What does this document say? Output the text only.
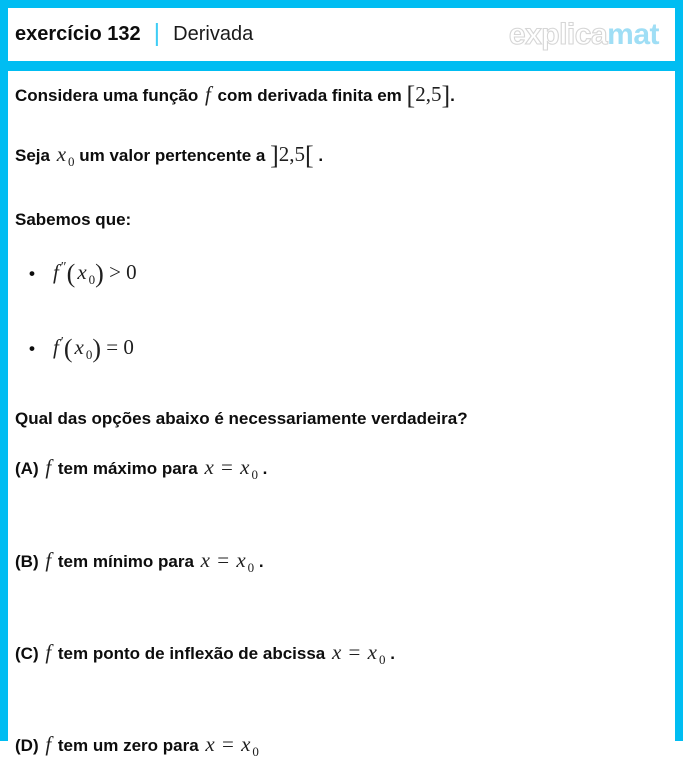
exercício 132 | Derivada	explicamat
Considera uma função f com derivada finita em [2,5].
Seja x $_0$ um valor pertencente a ]2,5[ .
Sabemos que:
• f ″(x $_0$) > 0
• f ′(x $_0$) = 0
Qual das opções abaixo é necessariamente verdadeira?
(A) f tem máximo para x = x $_0$ .
(B) f tem mínimo para x = x $_0$ .
(C) f tem ponto de inflexão de abcissa x = x $_0$ .
(D) f tem um zero para x = x $_0$
